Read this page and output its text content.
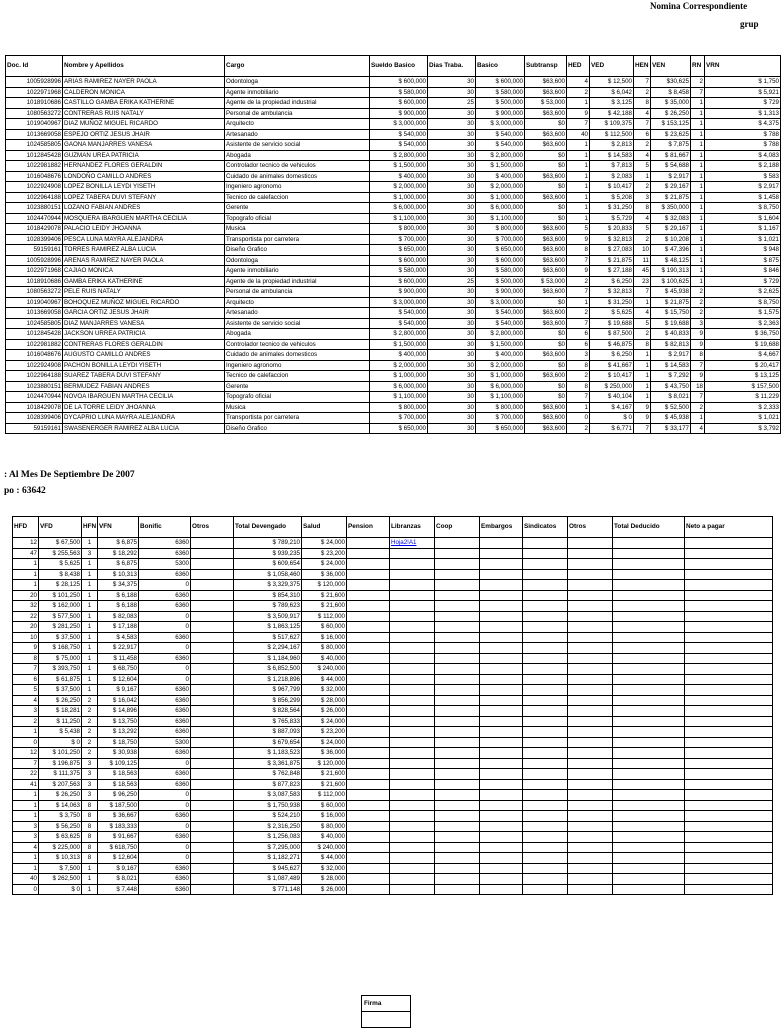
Nomina Correspondiente
grup
: Al Mes De Septiembre De 2007
po : 63642
Doc. Id	Nombre y Apellidos	Cargo	Sueldo Basico	Dias Traba.	Basico	Subtransp	HED	VED	HEN	VEN	RN	VRN
1005928996	ARIAS RAMIREZ NAYER PAOLA	Odontologa	$ 600,000	30	$ 600,000	$63,600	4	$ 12,500	7	$30,625	2	$ 1,750
1022971968	CALDERON MONICA	Agente inmobiliario	$ 580,000	30	$ 580,000	$63,600	2	$ 6,042	2	$ 8,458	7	$ 5,921
1018910686	CASTILLO GAMBA ERIKA KATHERINE	Agente de la propiedad industrial	$ 600,000	25	$ 500,000	$ 53,000	1	$ 3,125	8	$ 35,000	1	$ 729
1080563272	CONTRERAS RUIS NATALY	Personal de ambulancia	$ 900,000	30	$ 900,000	$63,600	9	$ 42,188	4	$ 26,250	1	$ 1,313
1019040967	DIAZ MUÑOZ MIGUEL RICARDO	Arquitecto	$ 3,000,000	30	$ 3,000,000	$0	7	$ 109,375	7	$ 153,125	1	$ 4,375
1013669058	ESPEJO ORTIZ JESUS JHAIR	Artesanado	$ 540,000	30	$ 540,000	$63,600	40	$ 112,500	6	$ 23,625	1	$ 788
1024585805	GAONA MANJARRES VANESA	Asistente de servicio social	$ 540,000	30	$ 540,000	$63,600	1	$ 2,813	2	$ 7,875	1	$ 788
1012845428	GUZMAN UREA PATRICIA	Abogada	$ 2,800,000	30	$ 2,800,000	$0	1	$ 14,583	4	$ 81,667	1	$ 4,083
1022981882	HERNANDEZ FLORES GERALDIN	Controlador tecnico de vehiculos	$ 1,500,000	30	$ 1,500,000	$0	1	$ 7,813	5	$ 54,688	1	$ 2,188
1016048676	LONDOÑO CAMILLO ANDRES	Cuidado de animales domesticos	$ 400,000	30	$ 400,000	$63,600	1	$ 2,083	1	$ 2,917	1	$ 583
1022924908	LOPEZ BONILLA LEYDI YISETH	Ingeniero agronomo	$ 2,000,000	30	$ 2,000,000	$0	1	$ 10,417	2	$ 29,167	1	$ 2,917
1022964188	LOPEZ TABERA DUVI STEFANY	Tecnico de calefaccion	$ 1,000,000	30	$ 1,000,000	$63,600	1	$ 5,208	3	$ 21,875	1	$ 1,458
1023880151	LOZANO FABIAN ANDRES	Gerente	$ 6,000,000	30	$ 6,000,000	$0	1	$ 31,250	8	$ 350,000	1	$ 8,750
1024470944	MOSQUERA IBARGUEN MARTHA CECILIA	Topografo oficial	$ 1,100,000	30	$ 1,100,000	$0	1	$ 5,729	4	$ 32,083	1	$ 1,604
1018429078	PALACIO LEIDY JHOANNA	Musica	$ 800,000	30	$ 800,000	$63,600	5	$ 20,833	5	$ 29,167	1	$ 1,167
1028399406	PESCA LUNA MAYRA ALEJANDRA	Transportista por carretera	$ 700,000	30	$ 700,000	$63,600	9	$ 32,813	2	$ 10,208	1	$ 1,021
59159161	TORRES RAMIREZ ALBA LUCIA	Diseño Grafico	$ 650,000	30	$ 650,000	$63,600	8	$ 27,083	10	$ 47,396	1	$ 948
1005928996	ARENAS RAMIREZ NAYER PAOLA	Odontologa	$ 600,000	30	$ 600,000	$63,600	7	$ 21,875	11	$ 48,125	1	$ 875
1022971968	CAJIAO MONICA	Agente inmobiliario	$ 580,000	30	$ 580,000	$63,600	9	$ 27,188	45	$ 190,313	1	$ 846
1018910686	GAMBA ERIKA KATHERINE	Agente de la propiedad industrial	$ 600,000	25	$ 500,000	$ 53,000	2	$ 6,250	23	$ 100,625	1	$ 729
1080563272	PELE RUIS NATALY	Personal de ambulancia	$ 900,000	30	$ 900,000	$63,600	7	$ 32,813	7	$ 45,938	2	$ 2,625
1019040967	BOHOQUEZ MUÑOZ MIGUEL RICARDO	Arquitecto	$ 3,000,000	30	$ 3,000,000	$0	1	$ 31,250	1	$ 21,875	2	$ 8,750
1013669058	GARCIA ORTIZ JESUS JHAIR	Artesanado	$ 540,000	30	$ 540,000	$63,600	2	$ 5,625	4	$ 15,750	2	$ 1,575
1024585805	DIAZ MANJARRES VANESA	Asistente de servicio social	$ 540,000	30	$ 540,000	$63,600	7	$ 19,688	5	$ 19,688	3	$ 2,363
1012845428	JACKSON URREA PATRICIA	Abogada	$ 2,800,000	30	$ 2,800,000	$0	6	$ 87,500	2	$ 40,833	9	$ 36,750
1022981882	CONTRERAS FLORES GERALDIN	Controlador tecnico de vehiculos	$ 1,500,000	30	$ 1,500,000	$0	6	$ 46,875	8	$ 82,813	9	$ 19,688
1016048676	AUGUSTO CAMILLO ANDRES	Cuidado de animales domesticos	$ 400,000	30	$ 400,000	$63,600	3	$ 6,250	1	$ 2,917	8	$ 4,667
1022924908	PACHON BONILLA LEYDI YISETH	Ingeniero agronomo	$ 2,000,000	30	$ 2,000,000	$0	8	$ 41,667	1	$ 14,583	7	$ 20,417
1022964188	SUAREZ TABERA DUVI STEFANY	Tecnico de calefaccion	$ 1,000,000	30	$ 1,000,000	$63,600	2	$ 10,417	1	$ 7,292	9	$ 13,125
1023880151	BERMUDEZ FABIAN ANDRES	Gerente	$ 6,000,000	30	$ 6,000,000	$0	8	$ 250,000	1	$ 43,750	18	$ 157,500
1024470944	NOVOA IBARGUEN MARTHA CECILIA	Topografo oficial	$ 1,100,000	30	$ 1,100,000	$0	7	$ 40,104	1	$ 8,021	7	$ 11,229
1018429078	DE LA TORRE LEIDY JHOANNA	Musica	$ 800,000	30	$ 800,000	$63,600	1	$ 4,167	9	$ 52,500	2	$ 2,333
1028399406	DYCAPRIO LUNA MAYRA ALEJANDRA	Transportista por carretera	$ 700,000	30	$ 700,000	$63,600	0	$ 0	9	$ 45,938	1	$ 1,021
59159161	SWASENERGER RAMIREZ ALBA LUCIA	Diseño Grafico	$ 650,000	30	$ 650,000	$63,600	2	$ 6,771	7	$ 33,177	4	$ 3,792
HFD	VFD	HFN	VFN	Bonific	Otros	Total Devengado	Salud	Pension	Libranzas	Coop	Embargos	Sindicatos	Otros	Total Deducido	Neto a pagar
12	$ 67,500	1	$ 6,875	6360		$ 789,210	$ 24,000		Hoja2!A1						
47	$ 255,563	3	$ 18,292	6360		$ 939,235	$ 23,200								
1	$ 5,625	1	$ 6,875	5300		$ 609,654	$ 24,000								
1	$ 8,438	1	$ 10,313	6360		$ 1,058,460	$ 36,000								
1	$ 28,125	1	$ 34,375	0		$ 3,329,375	$ 120,000								
20	$ 101,250	1	$ 6,188	6360		$ 854,310	$ 21,600								
32	$ 162,000	1	$ 6,188	6360		$ 789,623	$ 21,600								
22	$ 577,500	1	$ 82,083	0		$ 3,509,917	$ 112,000								
20	$ 281,250	1	$ 17,188	0		$ 1,863,125	$ 60,000								
10	$ 37,500	1	$ 4,583	6360		$ 517,627	$ 16,000								
9	$ 168,750	1	$ 22,917	0		$ 2,294,167	$ 80,000								
8	$ 75,000	1	$ 11,458	6360		$ 1,184,960	$ 40,000								
7	$ 393,750	1	$ 68,750	0		$ 6,852,500	$ 240,000								
6	$ 61,875	1	$ 12,604	0		$ 1,218,896	$ 44,000								
5	$ 37,500	1	$ 9,167	6360		$ 967,799	$ 32,000								
4	$ 26,250	2	$ 16,042	6360		$ 856,299	$ 28,000								
3	$ 18,281	2	$ 14,896	6360		$ 828,564	$ 26,000								
2	$ 11,250	2	$ 13,750	6360		$ 765,833	$ 24,000								
1	$ 5,438	2	$ 13,292	6360		$ 887,093	$ 23,200								
0	$ 0	2	$ 18,750	5300		$ 679,654	$ 24,000								
12	$ 101,250	2	$ 30,938	6360		$ 1,183,523	$ 36,000								
7	$ 196,875	3	$ 109,125	0		$ 3,361,875	$ 120,000								
22	$ 111,375	3	$ 18,563	6360		$ 762,848	$ 21,600								
41	$ 207,563	3	$ 18,563	6360		$ 877,823	$ 21,600								
1	$ 26,250	3	$ 96,250	0		$ 3,087,583	$ 112,000								
1	$ 14,063	8	$ 187,500	0		$ 1,750,938	$ 60,000								
1	$ 3,750	8	$ 36,667	6360		$ 524,210	$ 16,000								
3	$ 56,250	8	$ 183,333	0		$ 2,316,250	$ 80,000								
3	$ 63,625	8	$ 91,667	6360		$ 1,256,083	$ 40,000								
4	$ 225,000	8	$ 618,750	0		$ 7,295,000	$ 240,000								
1	$ 10,313	8	$ 12,604	0		$ 1,182,271	$ 44,000								
1	$ 7,500	1	$ 9,167	6360		$ 945,627	$ 32,000								
40	$ 262,500	1	$ 8,021	6360		$ 1,087,489	$ 28,000								
0	$ 0	1	$ 7,448	6360		$ 771,148	$ 26,000								
Firma
